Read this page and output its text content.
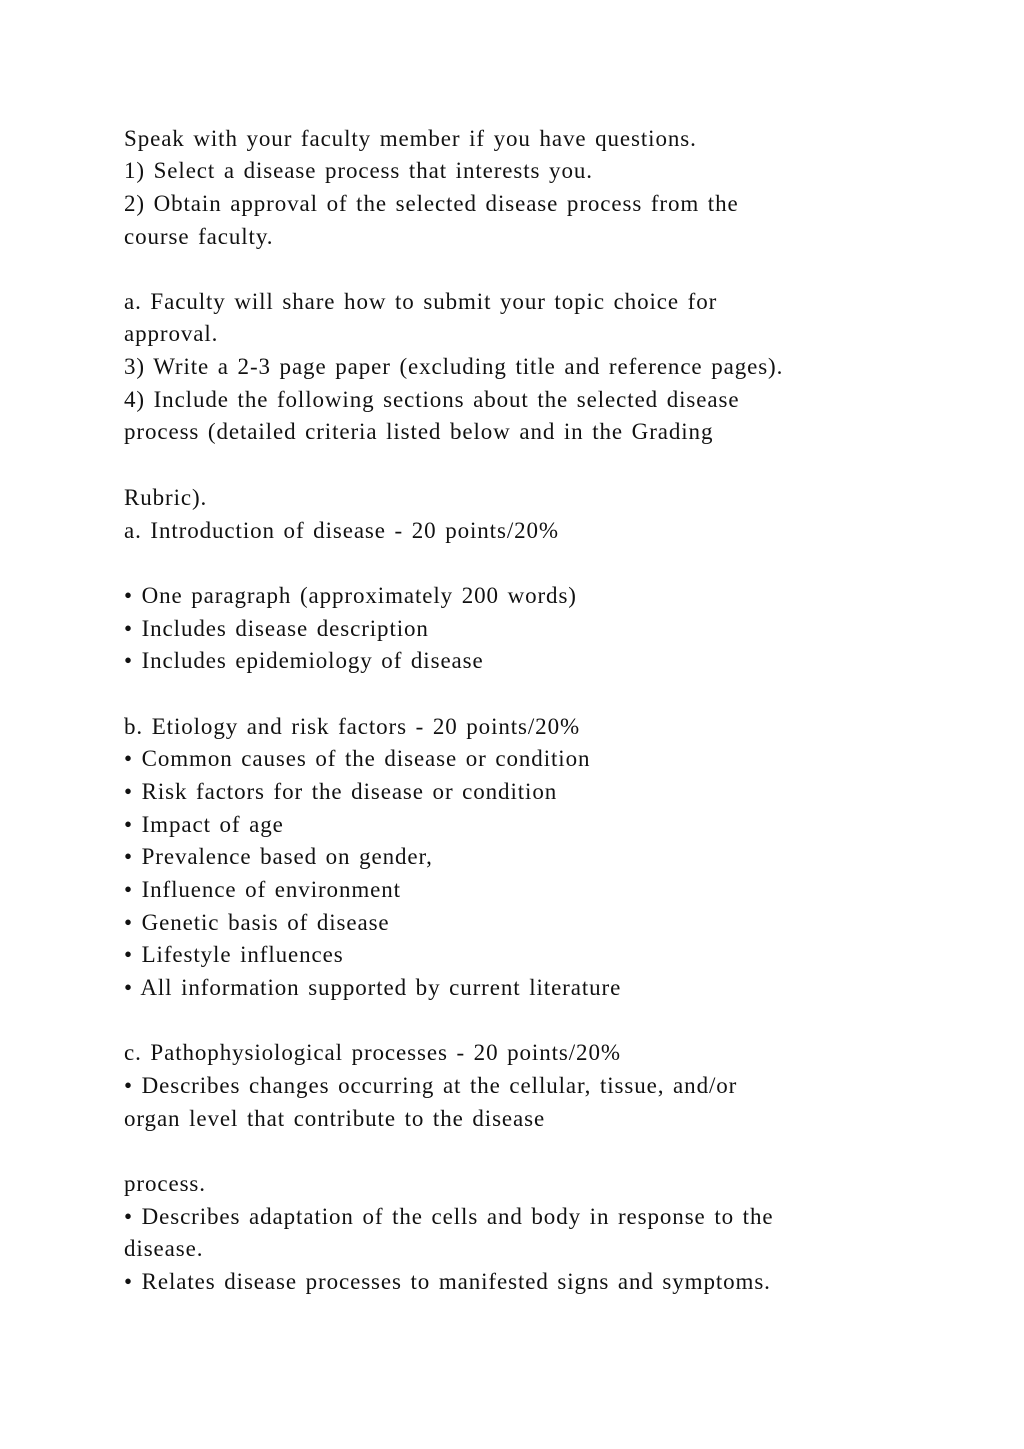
Speak with your faculty member if you have questions.

1) Select a disease process that interests you.

2) Obtain approval of the selected disease process from the

course faculty.

a. Faculty will share how to submit your topic choice for

approval.

3) Write a 2-3 page paper (excluding title and reference pages).

4) Include the following sections about the selected disease

process (detailed criteria listed below and in the Grading

Rubric).

a. Introduction of disease - 20 points/20%

• One paragraph (approximately 200 words)

• Includes disease description

• Includes epidemiology of disease

b. Etiology and risk factors - 20 points/20%

• Common causes of the disease or condition

• Risk factors for the disease or condition

• Impact of age

• Prevalence based on gender,

• Influence of environment

• Genetic basis of disease

• Lifestyle influences

• All information supported by current literature

c. Pathophysiological processes - 20 points/20%

• Describes changes occurring at the cellular, tissue, and/or

organ level that contribute to the disease

process.

• Describes adaptation of the cells and body in response to the

disease.

• Relates disease processes to manifested signs and symptoms.
